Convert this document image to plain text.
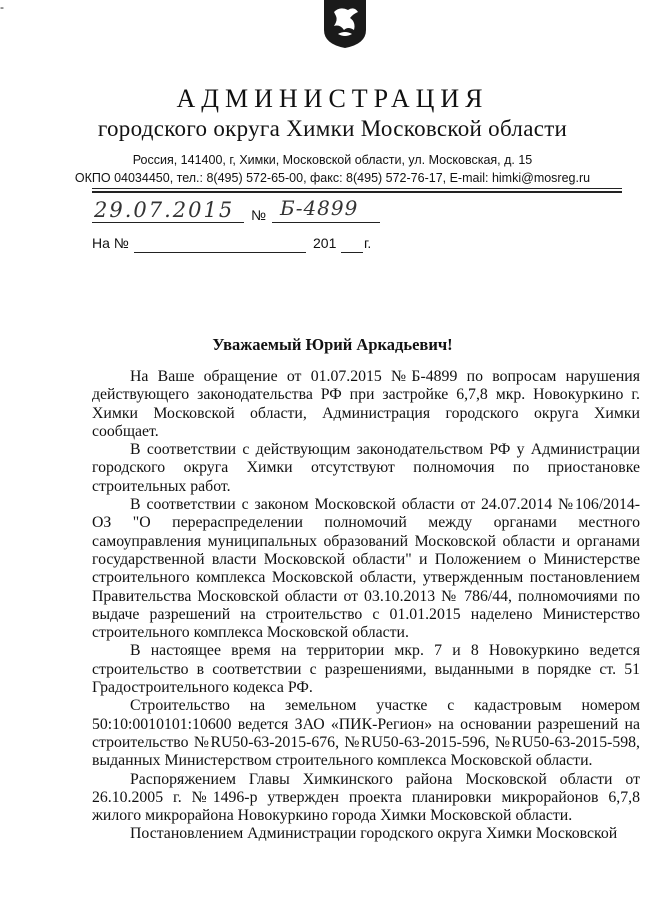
-
АДМИНИСТРАЦИЯ
городского округа Химки Московской области
Россия, 141400, г, Химки, Московской области, ул. Московская, д. 15
ОКПО 04034450, тел.: 8(495) 572-65-00, факс: 8(495) 572-76-17, E-mail: himki@mosreg.ru
29.07.2015 № Б-4899
На №	201 г.
Уважаемый Юрий Аркадьевич!

На Ваше обращение от 01.07.2015 №Б-4899 по вопросам нарушения действующего законодательства РФ при застройке 6,7,8 мкр. Новокуркино г. Химки Московской области, Администрация городского округа Химки сообщает.

В соответствии с действующим законодательством РФ у Администрации городского округа Химки отсутствуют полномочия по приостановке строительных работ.

В соответствии с законом Московской области от 24.07.2014 №106/2014-ОЗ "О перераспределении полномочий между органами местного самоуправления муниципальных образований Московской области и органами государственной власти Московской области" и Положением о Министерстве строительного комплекса Московской области, утвержденным постановлением Правительства Московской области от 03.10.2013 № 786/44, полномочиями по выдаче разрешений на строительство с 01.01.2015 наделено Министерство строительного комплекса Московской области.

В настоящее время на территории мкр. 7 и 8 Новокуркино ведется строительство в соответствии с разрешениями, выданными в порядке ст. 51 Градостроительного кодекса РФ.

Строительство на земельном участке с кадастровым номером 50:10:0010101:10600 ведется ЗАО «ПИК-Регион» на основании разрешений на строительство №RU50-63-2015-676, №RU50-63-2015-596, №RU50-63-2015-598, выданных Министерством строительного комплекса Московской области.

Распоряжением Главы Химкинского района Московской области от 26.10.2005 г. №1496-р утвержден проекта планировки микрорайонов 6,7,8 жилого микрорайона Новокуркино города Химки Московской области.

Постановлением Администрации городского округа Химки Московской
